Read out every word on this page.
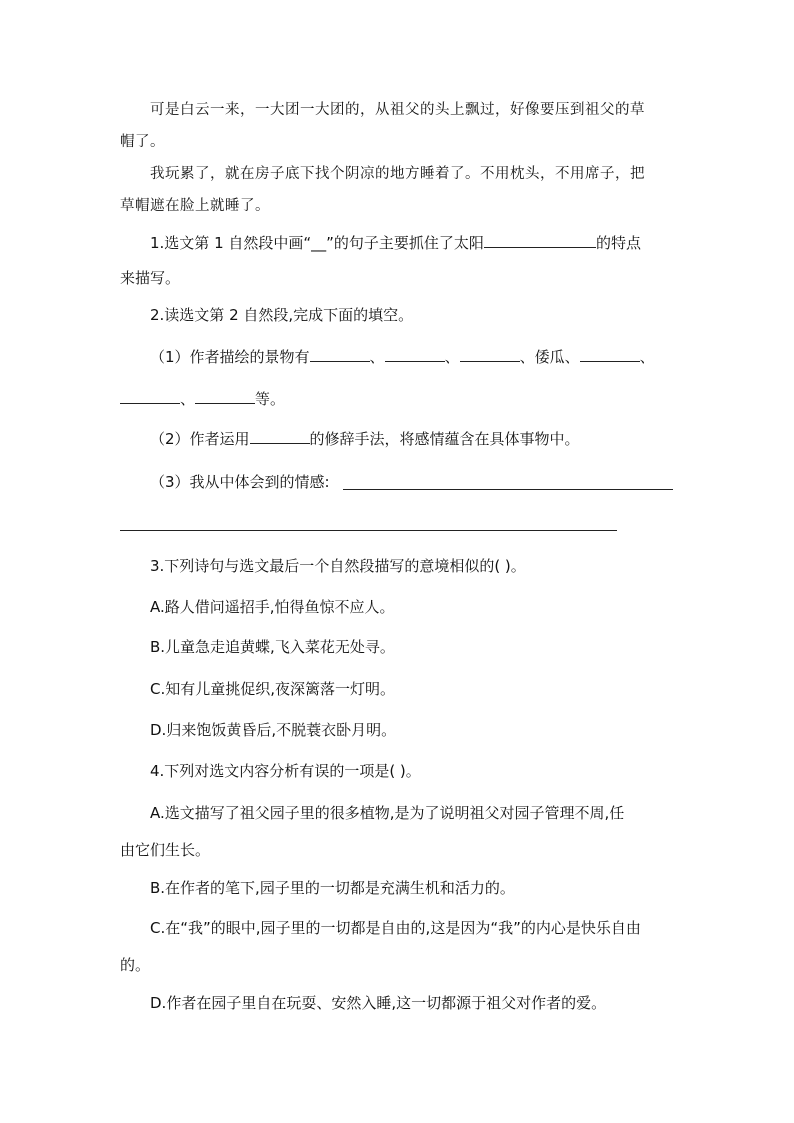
可是白云一来，一大团一大团的，从祖父的头上飘过，好像要压到祖父的草
帽了。
我玩累了，就在房子底下找个阴凉的地方睡着了。不用枕头，不用席子，把
草帽遮在脸上就睡了。
1.选文第 1 自然段中画“__”的句子主要抓住了太阳	的特点
来描写。
2.读选文第 2 自然段,完成下面的填空。
（1）作者描绘的景物有	、	、	、倭瓜、	、
、	等。
（2）作者运用	的修辞手法，将感情蕴含在具体事物中。
（3）我从中体会到的情感:
3.下列诗句与选文最后一个自然段描写的意境相似的( )。
A.路人借问遥招手,怕得鱼惊不应人。
B.儿童急走追黄蝶,飞入菜花无处寻。
C.知有儿童挑促织,夜深篱落一灯明。
D.归来饱饭黄昏后,不脱蓑衣卧月明。
4.下列对选文内容分析有误的一项是( )。
A.选文描写了祖父园子里的很多植物,是为了说明祖父对园子管理不周,任
由它们生长。
B.在作者的笔下,园子里的一切都是充满生机和活力的。
C.在“我”的眼中,园子里的一切都是自由的,这是因为“我”的内心是快乐自由
的。
D.作者在园子里自在玩耍、安然入睡,这一切都源于祖父对作者的爱。
